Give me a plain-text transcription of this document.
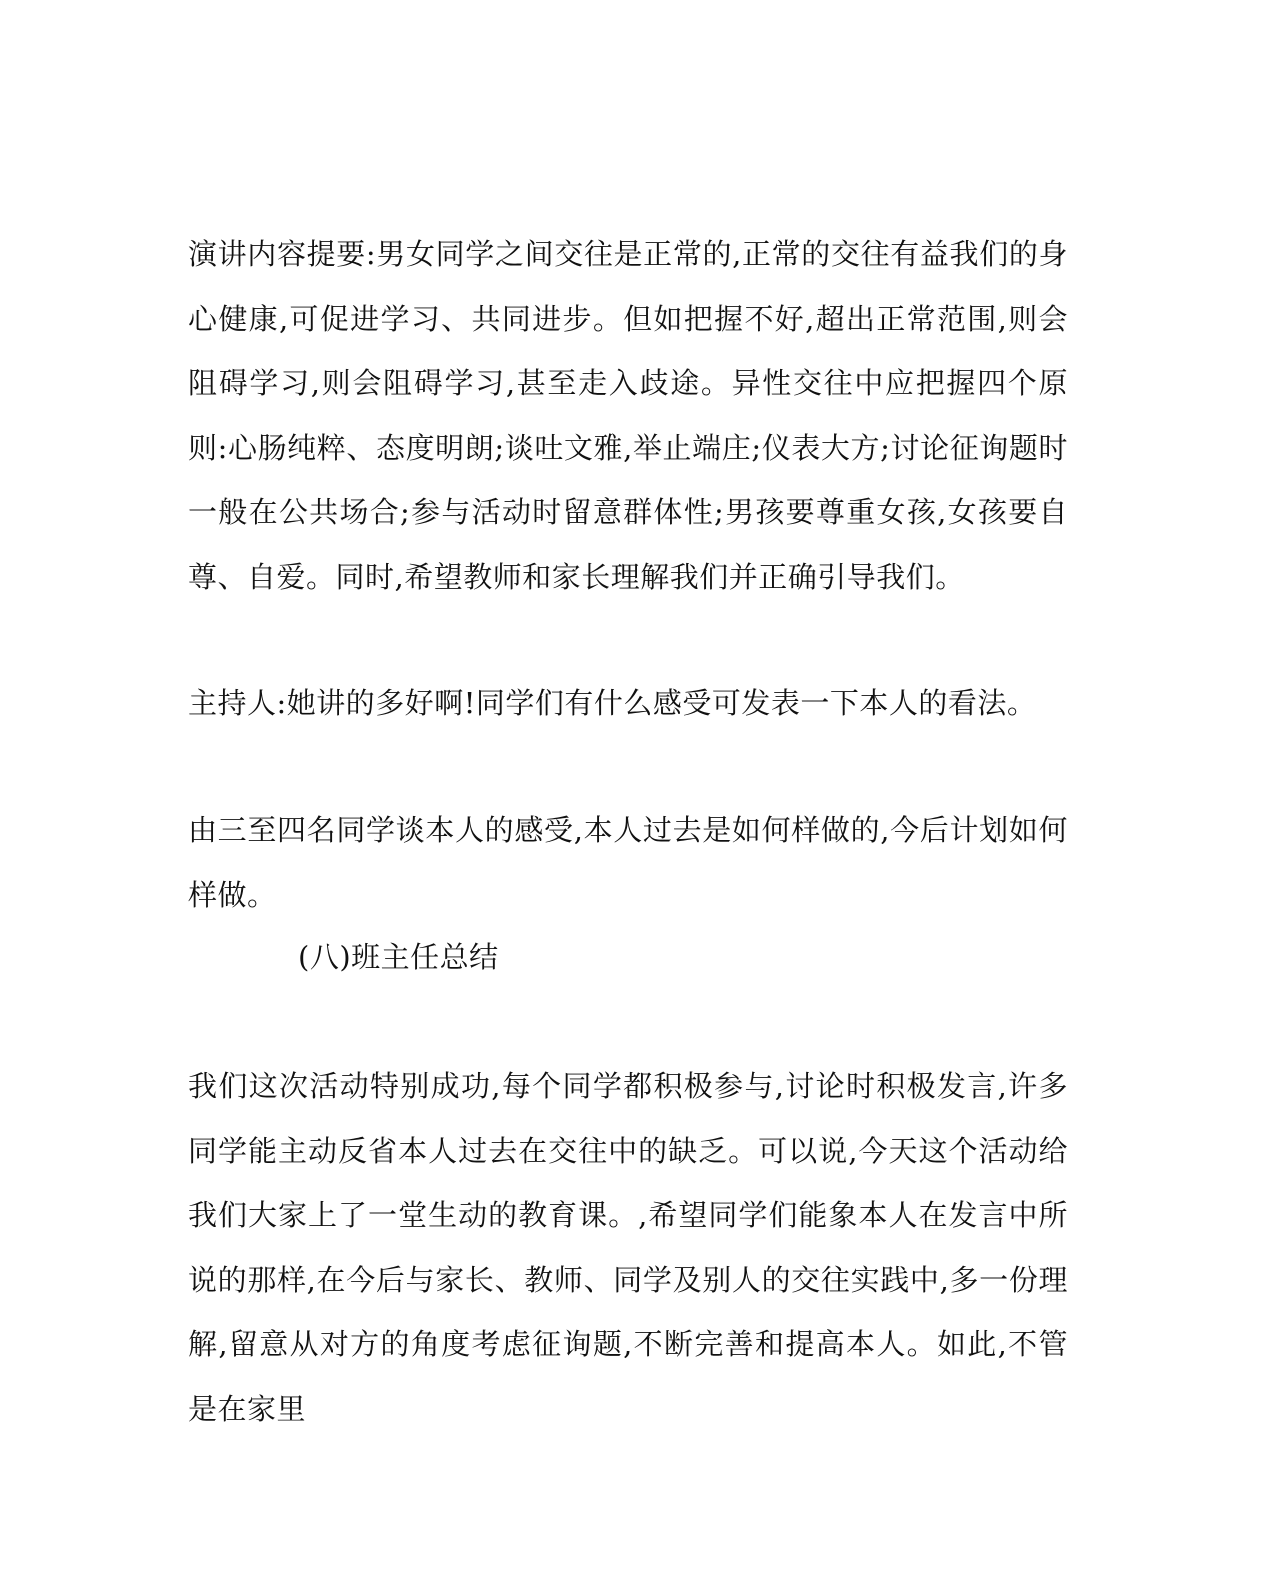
演讲内容提要:男女同学之间交往是正常的,正常的交往有益我们的身心健康,可促进学习、共同进步。但如把握不好,超出正常范围,则会阻碍学习,则会阻碍学习,甚至走入歧途。异性交往中应把握四个原则:心肠纯粹、态度明朗;谈吐文雅,举止端庄;仪表大方;讨论征询题时一般在公共场合;参与活动时留意群体性;男孩要尊重女孩,女孩要自尊、自爱。同时,希望教师和家长理解我们并正确引导我们。

主持人:她讲的多好啊!同学们有什么感受可发表一下本人的看法。

由三至四名同学谈本人的感受,本人过去是如何样做的,今后计划如何样做。

(八)班主任总结

我们这次活动特别成功,每个同学都积极参与,讨论时积极发言,许多同学能主动反省本人过去在交往中的缺乏。可以说,今天这个活动给我们大家上了一堂生动的教育课。,希望同学们能象本人在发言中所说的那样,在今后与家长、教师、同学及别人的交往实践中,多一份理解,留意从对方的角度考虑征询题,不断完善和提高本人。如此,不管是在家里
